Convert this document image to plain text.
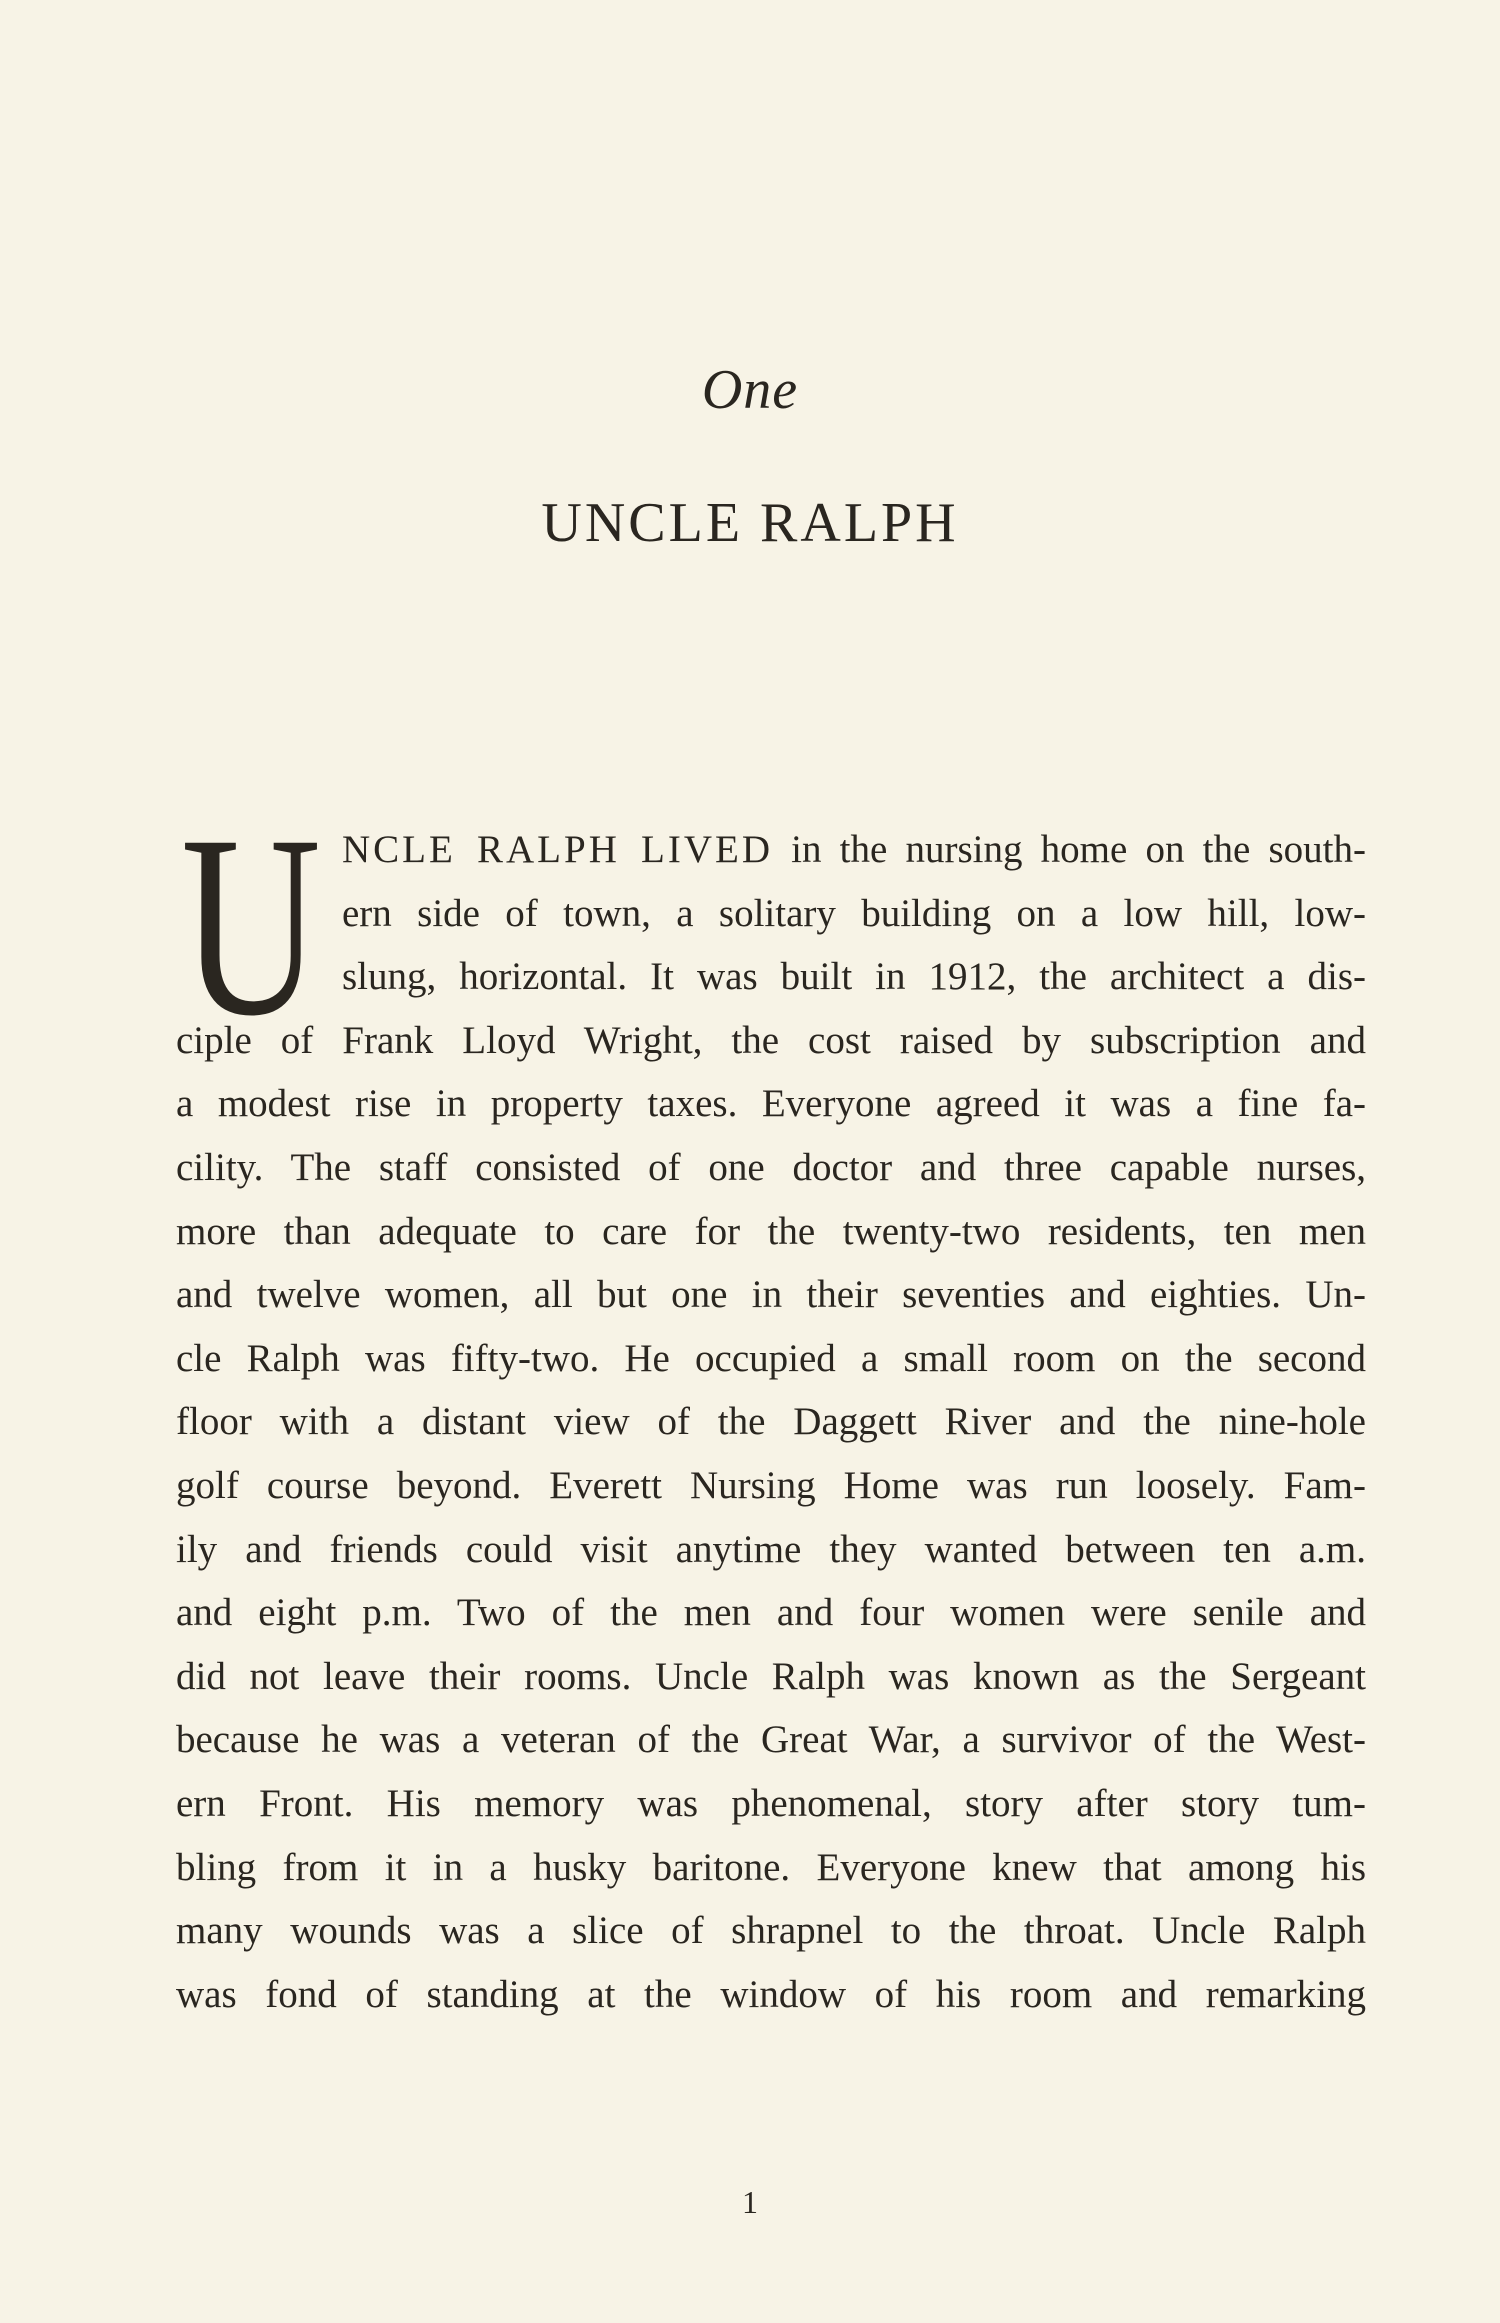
One
UNCLE RALPH
U NCLE RALPH LIVED in the nursing home on the south-
ern side of town, a solitary building on a low hill, low-
slung, horizontal. It was built in 1912, the architect a dis-
ciple of Frank Lloyd Wright, the cost raised by subscription and
a modest rise in property taxes. Everyone agreed it was a fine fa-
cility. The staff consisted of one doctor and three capable nurses,
more than adequate to care for the twenty-two residents, ten men
and twelve women, all but one in their seventies and eighties. Un-
cle Ralph was fifty-two. He occupied a small room on the second
floor with a distant view of the Daggett River and the nine-hole
golf course beyond. Everett Nursing Home was run loosely. Fam-
ily and friends could visit anytime they wanted between ten a.m.
and eight p.m. Two of the men and four women were senile and
did not leave their rooms. Uncle Ralph was known as the Sergeant
because he was a veteran of the Great War, a survivor of the West-
ern Front. His memory was phenomenal, story after story tum-
bling from it in a husky baritone. Everyone knew that among his
many wounds was a slice of shrapnel to the throat. Uncle Ralph
was fond of standing at the window of his room and remarking
1
